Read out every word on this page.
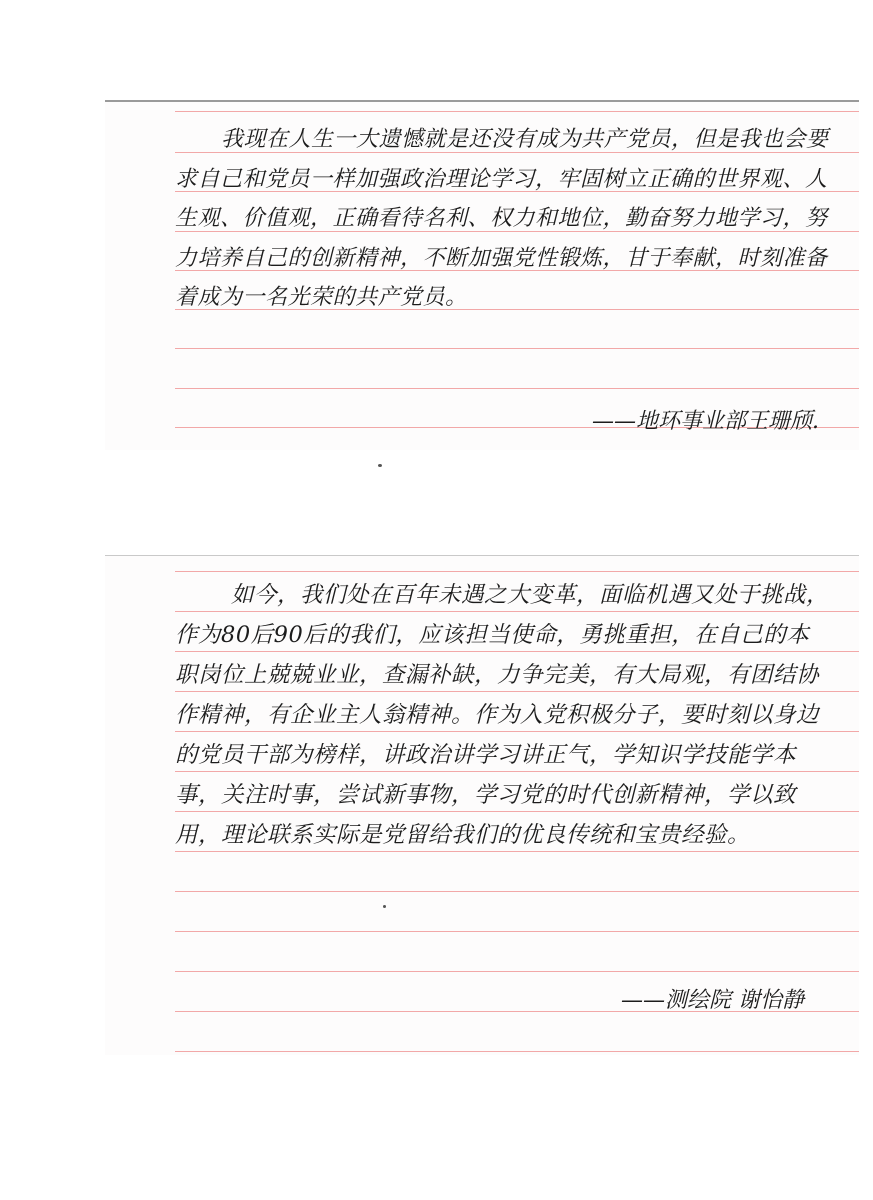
我现在人生一大遗憾就是还没有成为共产党员，但是我也会要求自己和党员一样加强政治理论学习，牢固树立正确的世界观、人生观、价值观，正确看待名利、权力和地位，勤奋努力地学习，努力培养自己的创新精神，不断加强党性锻炼，甘于奉献，时刻准备着成为一名光荣的共产党员。
——地环事业部王珊颀.
如今，我们处在百年未遇之大变革，面临机遇又处于挑战，作为80后90后的我们，应该担当使命，勇挑重担，在自己的本职岗位上兢兢业业，查漏补缺，力争完美，有大局观，有团结协作精神，有企业主人翁精神。作为入党积极分子，要时刻以身边的党员干部为榜样，讲政治讲学习讲正气，学知识学技能学本事，关注时事，尝试新事物，学习党的时代创新精神，学以致用，理论联系实际是党留给我们的优良传统和宝贵经验。
——测绘院 谢怡静
